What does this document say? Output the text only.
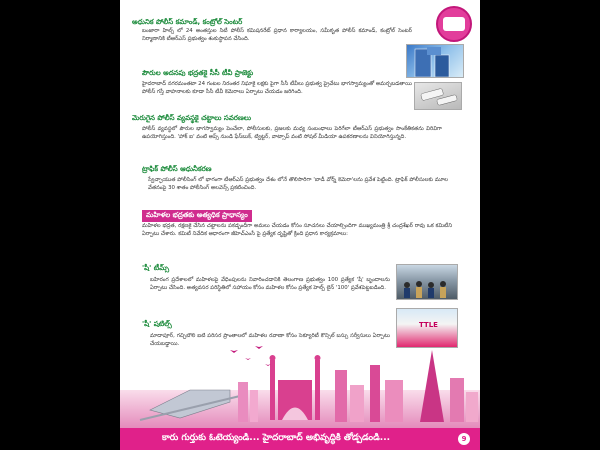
అధునిక పోలీస్ కమాండ్, కంట్రోల్ సెంటర్
బంజారా హిల్స్ లో 24 అంతస్తుల సిటీ పోలీస్ కమిషనరేట్ ప్రధాన కార్యాలయం, సమీకృత పోలీస్ కమాండ్, కంట్రోల్ సెంటర్ నిర్మాణానికి టీఆర్ఎస్ ప్రభుత్వం శంకుస్థాపన చేసింది.
పౌరుల అదనపు భద్రతకై సీసీ టీవీ ప్రాజెక్టు
హైదరాబాద్ నగరమంతటా 24 గంటల నిరంతర నిఘాకై లక్షకు పైగా సీసీ టీవీలు ప్రభుత్వ ప్రైవేటు భాగస్వామ్యంతో అమర్చబడతాయి పోలీస్ గస్తీ వాహనాలకు కూడా సీసీ టీవీ కెమెరాలు ఏర్పాటు చేయడం జరిగింది.
మెరుగైన పోలీస్ వ్యవస్థకై చట్టాలు సవరణలు
పోలీస్ వ్యవస్థలో పౌరుల భాగస్వామ్యం పెంచేలా, పోలీసులకు, ప్రజలకు మధ్య సంబంధాలు పెరిగేలా టీఆర్ఎస్ ప్రభుత్వం సాంకేతికతను విరివిగా ఉపయోగిస్తుంది. 'హాక్ ఐ' వంటి అప్స్ నుండి ఫేస్‌బుక్, ట్విట్టర్, వాట్సాప్ వంటి సోషల్ మీడియా ఉపకరణాలను వినియోగిస్తున్నది.
ట్రాఫిక్ పోలీస్ ఆధునీకరణ
స్వేచ్ఛాయుత పోలీసింగ్ లో భాగంగా టీఆర్ఎస్ ప్రభుత్వం దేశం లోనే తొలిసారిగా 'బాడీ వోర్న్ కెమెరా'లను ప్రవేశ పెట్టింది. ట్రాఫిక్ పోలీసులకు మూల వేతనంపై 30 శాతం పోలీసింగ్ అలవెన్స్ ప్రకటించింది.
మహిళల భద్రతకు అత్యధిక ప్రాధాన్యం
మహిళల భద్రత, రక్షణకై చేసిన చట్టాలను పకడ్బందీగా అమలు చేయడం కోసం సూచనలు చేయాల్సిందిగా ముఖ్యమంత్రి శ్రీ చంద్రశేఖర్ రావు ఒక కమిటీని ఏర్పాటు చేశారు. కమిటీ నివేదిక ఆధారంగా జీహెచ్ఎంసీ పై ప్రత్యేక దృష్టితో క్రింది ప్రధాన కార్యక్రమాలు:
'షీ' టీమ్స్
బహిరంగ ప్రదేశాలలో మహిళలపై వేధింపులను నివారించడానికి తెలంగాణ ప్రభుత్వం 100 ప్రత్యేక 'షీ' బృందాలను ఏర్పాటు చేసింది. అత్యవసర పరిస్థితిలో సహాయం కోసం మహిళల కోసం ప్రత్యేక హెల్ప్ లైన్ '100' ప్రవేశపెట్టబడింది.
'షీ' షటిల్స్
మాదాపూర్, గచ్చిబౌలి ఐటి పరిసర ప్రాంతాలలో మహిళల రవాణా కోసం సెక్యూరిటీ కౌన్సిల్ బస్సు సర్వీసులు ఏర్పాటు చేయబడ్డాయి.
TTLE
కారు గుర్తుకు ఓటెయ్యండి... హైదరాబాద్ అభివృద్ధికి తోడ్పడండి...	9
